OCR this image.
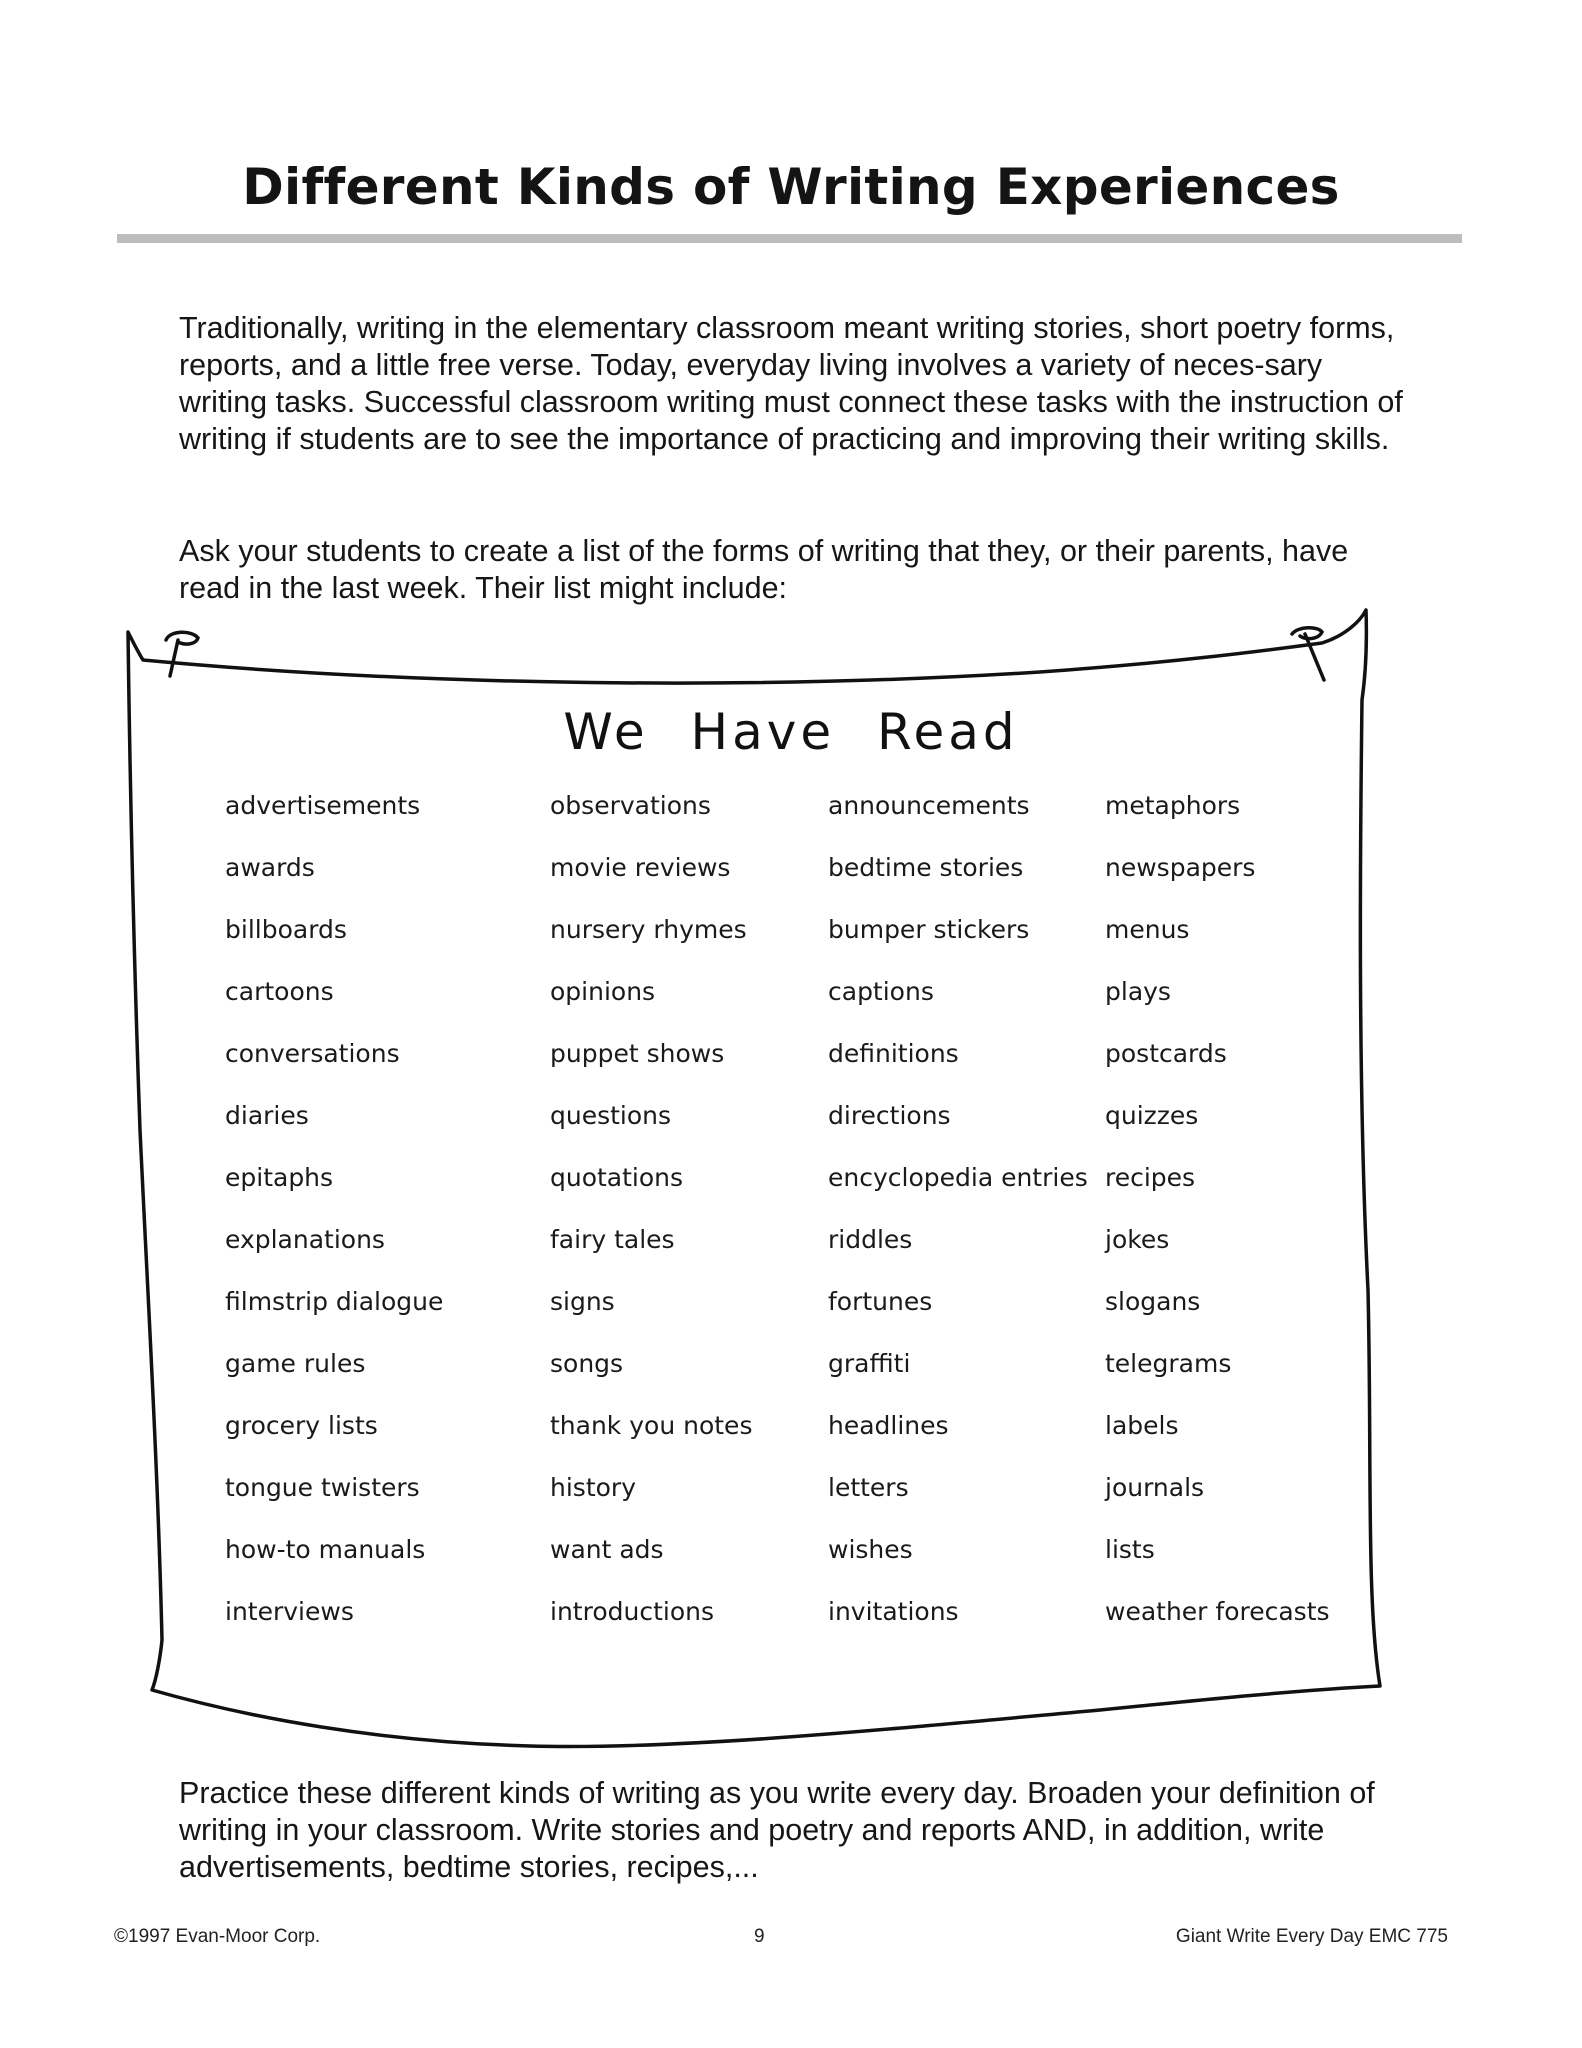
Different Kinds of Writing Experiences

Traditionally, writing in the elementary classroom meant writing stories, short poetry forms, reports, and a little free verse. Today, everyday living involves a variety of neces-sary writing tasks. Successful classroom writing must connect these tasks with the instruction of writing if students are to see the importance of practicing and improving their writing skills.

Ask your students to create a list of the forms of writing that they, or their parents, have read in the last week. Their list might include:

We Have Read
advertisements
awards
billboards
cartoons
conversations
diaries
epitaphs
explanations
filmstrip dialogue
game rules
grocery lists
tongue twisters
how-to manuals
interviews
observations
movie reviews
nursery rhymes
opinions
puppet shows
questions
quotations
fairy tales
signs
songs
thank you notes
history
want ads
introductions
announcements
bedtime stories
bumper stickers
captions
definitions
directions
encyclopedia entries
riddles
fortunes
graffiti
headlines
letters
wishes
invitations
metaphors
newspapers
menus
plays
postcards
quizzes
recipes
jokes
slogans
telegrams
labels
journals
lists
weather forecasts

Practice these different kinds of writing as you write every day. Broaden your definition of writing in your classroom. Write stories and poetry and reports AND, in addition, write advertisements, bedtime stories, recipes,...

©1997 Evan-Moor Corp.	9	Giant Write Every Day EMC 775
